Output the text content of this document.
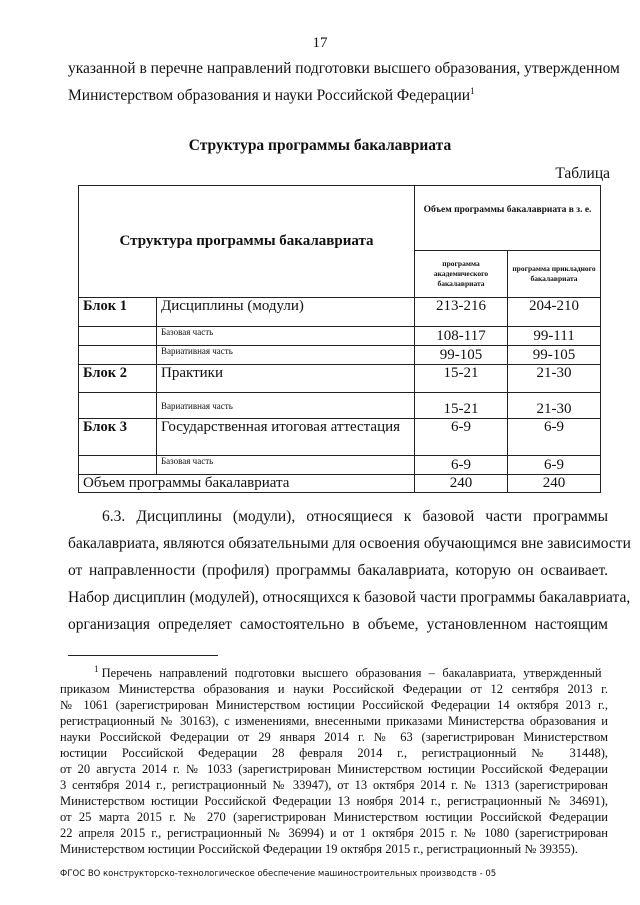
17
указанной в перечне направлений подготовки высшего образования, утвержденном
Министерством образования и науки Российской Федерации$^1$
Структура программы бакалавриата
Таблица
Структура программы бакалавриата		Объем программы бакалавриата в з. е.	
		программа академического бакалавриата	программа прикладного бакалавриата
Блок 1	Дисциплины (модули)	213-216	204-210
	Базовая часть	108-117	99-111
	Вариативная часть	99-105	99-105
Блок 2	Практики	15-21	21-30
	Вариативная часть	15-21	21-30
Блок 3	Государственная итоговая аттестация	6-9	6-9
	Базовая часть	6-9	6-9
Объем программы бакалавриата		240	240
6.3. Дисциплины (модули), относящиеся к базовой части программы
бакалавриата, являются обязательными для освоения обучающимся вне зависимости
от направленности (профиля) программы бакалавриата, которую он осваивает.
Набор дисциплин (модулей), относящихся к базовой части программы бакалавриата,
организация определяет самостоятельно в объеме, установленном настоящим
$^1$ Перечень направлений подготовки высшего образования – бакалавриата, утвержденный
приказом Министерства образования и науки Российской Федерации от 12 сентября 2013 г.
№ 1061 (зарегистрирован Министерством юстиции Российской Федерации 14 октября 2013 г.,
регистрационный № 30163), с изменениями, внесенными приказами Министерства образования и
науки Российской Федерации от 29 января 2014 г. № 63 (зарегистрирован Министерством
юстиции Российской Федерации 28 февраля 2014 г., регистрационный № 31448),
от 20 августа 2014 г. № 1033 (зарегистрирован Министерством юстиции Российской Федерации
3 сентября 2014 г., регистрационный № 33947), от 13 октября 2014 г. № 1313 (зарегистрирован
Министерством юстиции Российской Федерации 13 ноября 2014 г., регистрационный № 34691),
от 25 марта 2015 г. № 270 (зарегистрирован Министерством юстиции Российской Федерации
22 апреля 2015 г., регистрационный № 36994) и от 1 октября 2015 г. № 1080 (зарегистрирован
Министерством юстиции Российской Федерации 19 октября 2015 г., регистрационный № 39355).
ФГОС ВО конструкторско-технологическое обеспечение машиностроительных производств - 05
